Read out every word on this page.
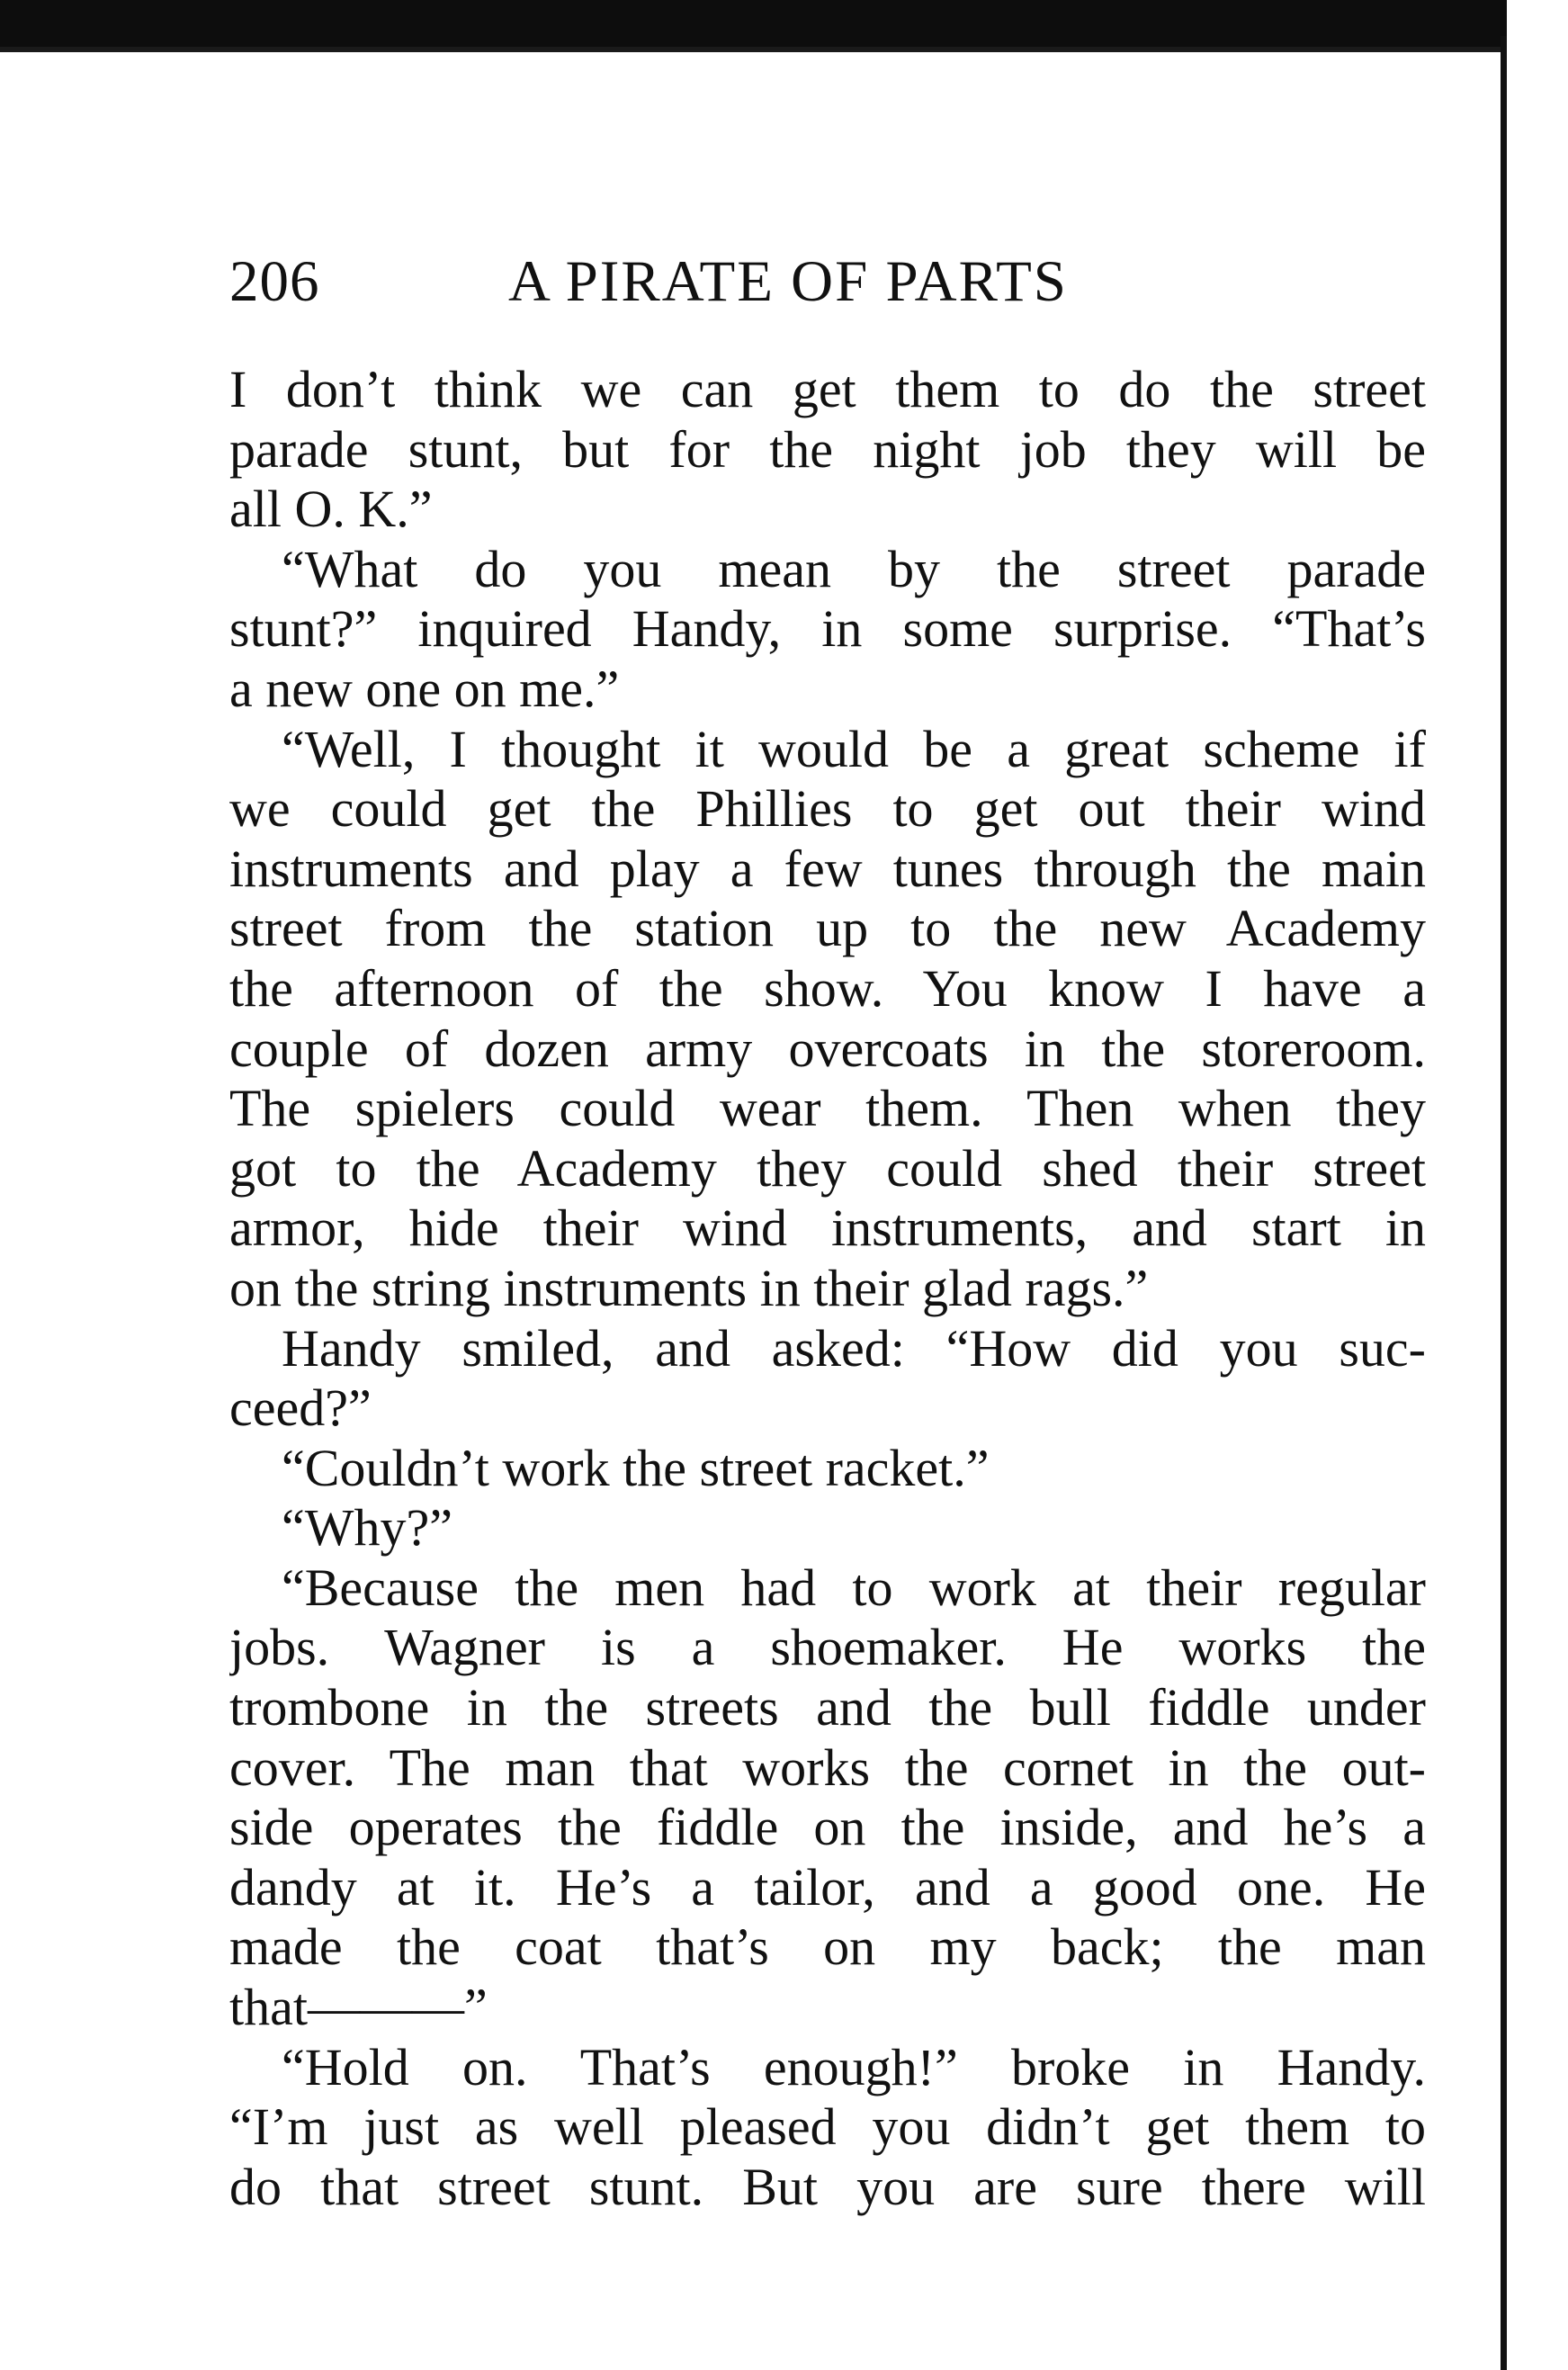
206	A PIRATE OF PARTS
I don’t think we can get them to do the street
parade stunt, but for the night job they will be
all O. K.”
“What do you mean by the street parade
stunt?” inquired Handy, in some surprise. “That’s
a new one on me.”
“Well, I thought it would be a great scheme if
we could get the Phillies to get out their wind
instruments and play a few tunes through the main
street from the station up to the new Academy
the afternoon of the show. You know I have a
couple of dozen army overcoats in the storeroom.
The spielers could wear them. Then when they
got to the Academy they could shed their street
armor, hide their wind instruments, and start in
on the string instruments in their glad rags.”
Handy smiled, and asked: “How did you suc-
ceed?”
“Couldn’t work the street racket.”
“Why?”
“Because the men had to work at their regular
jobs. Wagner is a shoemaker. He works the
trombone in the streets and the bull fiddle under
cover. The man that works the cornet in the out-
side operates the fiddle on the inside, and he’s a
dandy at it. He’s a tailor, and a good one. He
made the coat that’s on my back; the man
that———”
“Hold on. That’s enough!” broke in Handy.
“I’m just as well pleased you didn’t get them to
do that street stunt. But you are sure there will
